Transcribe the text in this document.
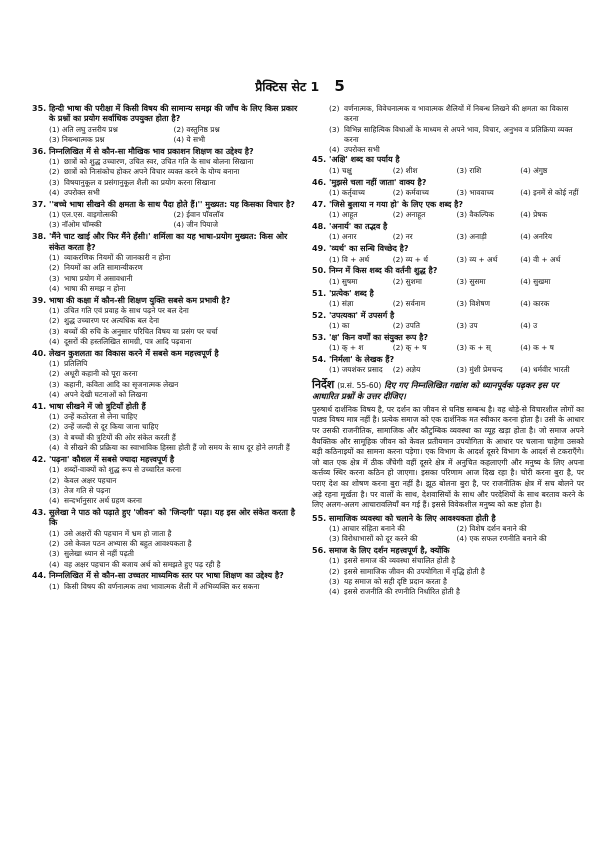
प्रैक्टिस सेट 1 5
35. हिन्दी भाषा की परीक्षा में किसी विषय की सामान्य समझ की जाँच के लिए किस प्रकार के प्रश्नों का प्रयोग सर्वाधिक उपयुक्त होता है?
(1) अति लघु उत्तरीय प्रश्न	(2) वस्तुनिष्ठ प्रश्न
(3) निबन्धात्मक प्रश्न	(4) ये सभी
36. निम्नलिखित में से कौन-सा मौखिक भाव प्रकाशन शिक्षण का उद्देश्य है?
(1) छात्रों को शुद्ध उच्चारण, उचित स्वर, उचित गति के साथ बोलना सिखाना
(2) छात्रों को निःसंकोच होकर अपने विचार व्यक्त करने के योग्य बनाना
(3) विषयानुकूल व प्रसंगानुकूल शैली का प्रयोग करना सिखाना
(4) उपरोक्त सभी
37. ''बच्चे भाषा सीखने की क्षमता के साथ पैदा होते हैं।'' मुख्यत: यह किसका विचार है?
(1) एल.एस. वाइगोत्सकी	(2) ईवान पॉवलॉव
(3) नॉओम चॉम्स्की	(4) जीन पियाजे
38. 'मैंने चाट खाई और फिर मैंने हँसी।' शर्मिला का यह भाषा-प्रयोग मुख्यत: किस ओर संकेत करता है?
(1) व्याकरणिक नियमों की जानकारी न होना
(2) नियमों का अति सामान्यीकरण
(3) भाषा प्रयोग में असावधानी
(4) भाषा की समझ न होना
39. भाषा की कक्षा में कौन-सी शिक्षण युक्ति सबसे कम प्रभावी है?
(1) उचित गति एवं प्रवाह के साथ पढ़ने पर बल देना
(2) शुद्ध उच्चारण पर अत्यधिक बल देना
(3) बच्चों की रुचि के अनुसार परिचित विषय या प्रसंग पर चर्चा
(4) दूसरों की हस्तलिखित सामग्री, पत्र आदि पढ़वाना
40. लेखन कुशलता का विकास करने में सबसे कम महत्त्वपूर्ण है
(1) प्रतिलिपि
(2) अधूरी कहानी को पूरा करना
(3) कहानी, कविता आदि का सृजनात्मक लेखन
(4) अपने देखी घटनाओं को लिखना
41. भाषा सीखने में जो त्रुटियाँ होती हैं
(1) उन्हें कठोरता से लेना चाहिए
(2) उन्हें जल्दी से दूर किया जाना चाहिए
(3) वे बच्चों की त्रुटियों की ओर संकेत करती हैं
(4) वे सीखने की प्रक्रिया का स्वाभाविक हिस्सा होती हैं जो समय के साथ दूर होने लगती हैं
42. 'पढ़ना' कौशल में सबसे ज्यादा महत्त्वपूर्ण है
(1) शब्दों-वाक्यों को शुद्ध रूप से उच्चारित करना
(2) केवल अक्षर पहचान
(3) तेज गति से पढ़ना
(4) सन्दर्भानुसार अर्थ ग्रहण करना
43. सुलेखा ने पाठ को पढ़ाते हुए 'जीवन' को 'जिन्दगी' पढ़ा। यह इस ओर संकेत करता है कि
(1) उसे अक्षरों की पहचान में भ्रम हो जाता है
(2) उसे केवल पठन अभ्यास की बहुत आवश्यकता है
(3) सुलेखा ध्यान से नहीं पढ़ती
(4) वह अक्षर पहचान की बजाय अर्थ को समझते हुए पढ़ रही है
44. निम्नलिखित में से कौन-सा उच्चतर माध्यमिक स्तर पर भाषा शिक्षण का उद्देश्य है?
(1) किसी विषय की वर्णनात्मक तथा भावात्मक शैली में अभिव्यक्ति कर सकना
(2) वर्णनात्मक, विवेचनात्मक व भावात्मक शैलियों में निबन्ध लिखने की क्षमता का विकास करना
(3) विभिन्न साहित्यिक विधाओं के माध्यम से अपने भाव, विचार, अनुभव व प्रतिक्रिया व्यक्त करना
(4) उपरोक्त सभी
45. 'अक्षि' शब्द का पर्याय है
(1) चक्षु	(2) शीश	(3) राशि	(4) अंगुष्ठ
46. 'मुझसे चला नहीं जाता' वाक्य है?
(1) कर्तृवाच्य	(2) कर्मवाच्य	(3) भाववाच्य	(4) इनमें से कोई नहीं
47. 'जिसे बुलाया न गया हो' के लिए एक शब्द है?
(1) आहूत	(2) अनाहूत	(3) वैकल्पिक	(4) प्रेषक
48. 'अनार्य' का तद्भव है
(1) अनार	(2) नर	(3) अनाड़ी	(4) अनरिय
49. 'व्यर्थ' का सन्धि विच्छेद है?
(1) वि + अर्थ	(2) व्य + र्थ	(3) व्य + अर्थ	(4) वी + अर्थ
50. निम्न में किस शब्द की वर्तनी शुद्ध है?
(1) सुषमा	(2) सुशमा	(3) सुसमा	(4) सुखमा
51. 'प्रत्येक' शब्द है
(1) संज्ञा	(2) सर्वनाम	(3) विशेषण	(4) कारक
52. 'उपत्यका' में उपसर्ग है
(1) का	(2) उपति	(3) उप	(4) उ
53. 'क्ष' किन वर्णों का संयुक्त रूप है?
(1) क् + श	(2) क् + ष	(3) क + स्	(4) क + ष
54. 'निर्मला' के लेखक हैं?
(1) जयशंकर प्रसाद	(2) अज्ञेय	(3) मुंशी प्रेमचन्द	(4) धर्मवीर भारती
निर्देश (प्र.सं. 55-60) दिए गए निम्नलिखित गद्यांश को ध्यानपूर्वक पढ़कर इस पर आधारित प्रश्नों के उत्तर दीजिए।
पुरुषार्थ दार्शनिक विषय है, पर दर्शन का जीवन से घनिष्ठ सम्बन्ध है। वह थोड़े-से विचारशील लोगों का पाठ्य विषय मात्र नहीं है। प्रत्येक समाज को एक दार्शनिक मत स्वीकार करना होता है। उसी के आधार पर उसकी राजनीतिक, सामाजिक और कौटुम्बिक व्यवस्था का व्यूह खड़ा होता है। जो समाज अपने वैयक्तिक और सामूहिक जीवन को केवल प्रतीयमान उपयोगिता के आधार पर चलाना चाहेगा उसको बड़ी कठिनाइयों का सामना करना पड़ेगा। एक विभाग के आदर्श दूसरे विभाग के आदर्श से टकराएँगे। जो बात एक क्षेत्र में ठीक जँचेगी वहीं दूसरे क्षेत्र में अनुचित कहलाएगी और मनुष्य के लिए अपना कर्त्तव्य स्थिर करना कठिन हो जाएगा। इसका परिणाम आज दिख रहा है। चोरी करना बुरा है, पर पराए देश का शोषण करना बुरा नहीं है। झूठ बोलना बुरा है, पर राजनीतिक क्षेत्र में सच बोलने पर अड़े रहना मूर्खता है। पर वालों के साथ, देशवासियों के साथ और परदेशियों के साथ बरताव करने के लिए अलग-अलग आचारावलियाँ बन गई हैं। इससे विवेकशील मनुष्य को कष्ट होता है।
55. सामाजिक व्यवस्था को चलाने के लिए आवश्यकता होती है
(1) आचार संहिता बनाने की	(2) विशेष दर्शन बनाने की
(3) विरोधाभासों को दूर करने की	(4) एक सफल रणनीति बनाने की
56. समाज के लिए दर्शन महत्त्वपूर्ण है, क्योंकि
(1) इससे समाज की व्यवस्था संचालित होती है
(2) इससे सामाजिक जीवन की उपयोगिता में वृद्धि होती है
(3) यह समाज को सही दृष्टि प्रदान करता है
(4) इससे राजनीति की रणनीति निर्धारित होती है
